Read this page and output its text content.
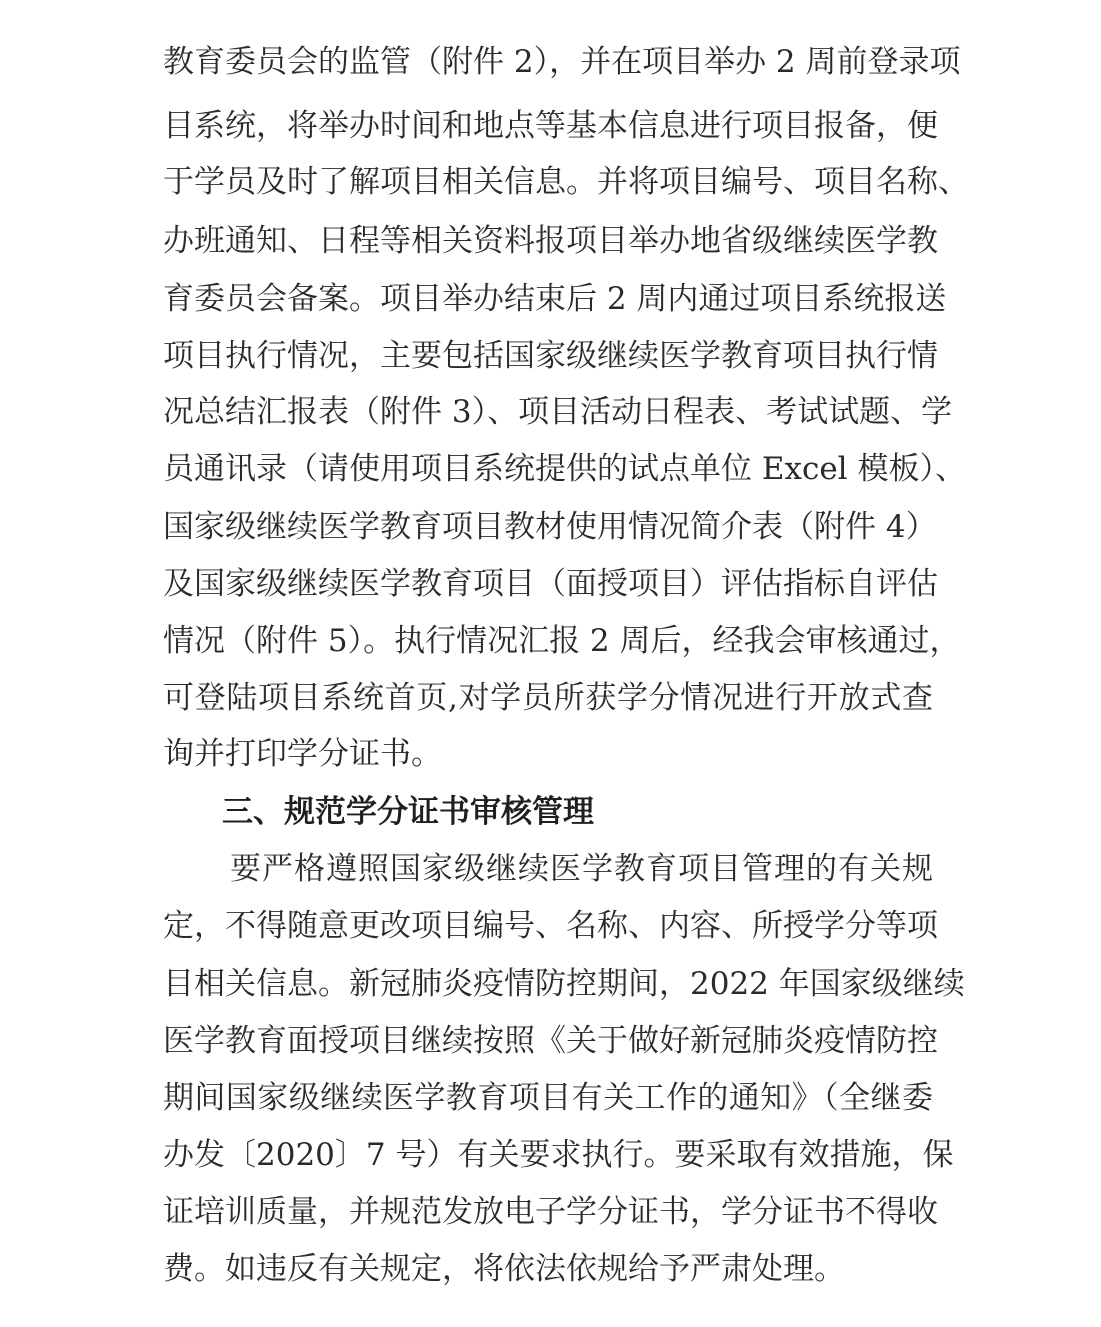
教育委员会的监管（附件 2），并在项目举办 2 周前登录项
目系统，将举办时间和地点等基本信息进行项目报备，便
于学员及时了解项目相关信息。并将项目编号、项目名称、
办班通知、日程等相关资料报项目举办地省级继续医学教
育委员会备案。项目举办结束后 2 周内通过项目系统报送
项目执行情况，主要包括国家级继续医学教育项目执行情
况总结汇报表（附件 3）、项目活动日程表、考试试题、学
员通讯录（请使用项目系统提供的试点单位 Excel 模板）、
国家级继续医学教育项目教材使用情况简介表（附件 4）
及国家级继续医学教育项目（面授项目）评估指标自评估
情况（附件 5）。执行情况汇报 2 周后，经我会审核通过，
可登陆项目系统首页,对学员所获学分情况进行开放式查
询并打印学分证书。
三、规范学分证书审核管理
要严格遵照国家级继续医学教育项目管理的有关规
定，不得随意更改项目编号、名称、内容、所授学分等项
目相关信息。新冠肺炎疫情防控期间，2022 年国家级继续
医学教育面授项目继续按照《关于做好新冠肺炎疫情防控
期间国家级继续医学教育项目有关工作的通知》（全继委
办发〔2020〕7 号）有关要求执行。要采取有效措施，保
证培训质量，并规范发放电子学分证书，学分证书不得收
费。如违反有关规定，将依法依规给予严肃处理。
